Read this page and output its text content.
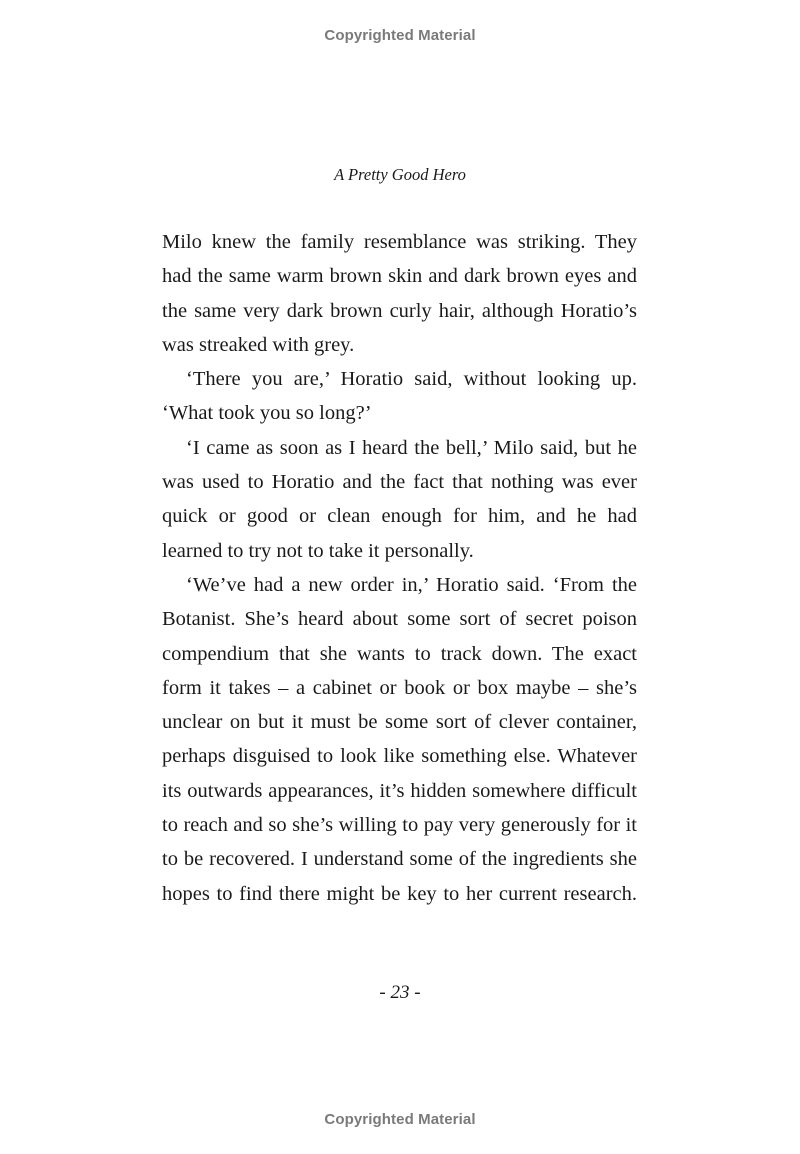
Copyrighted Material
A Pretty Good Hero

Milo knew the family resemblance was striking. They had the same warm brown skin and dark brown eyes and the same very dark brown curly hair, although Horatio’s was streaked with grey.

‘There you are,’ Horatio said, without looking up. ‘What took you so long?’

‘I came as soon as I heard the bell,’ Milo said, but he was used to Horatio and the fact that nothing was ever quick or good or clean enough for him, and he had learned to try not to take it personally.

‘We’ve had a new order in,’ Horatio said. ‘From the Botanist. She’s heard about some sort of secret poison compendium that she wants to track down. The exact form it takes – a cabinet or book or box maybe – she’s unclear on but it must be some sort of clever container, perhaps disguised to look like something else. Whatever its outwards appearances, it’s hidden somewhere difficult to reach and so she’s willing to pay very generously for it to be recovered. I understand some of the ingredients she hopes to find there might be key to her current research.

- 23 -
Copyrighted Material
